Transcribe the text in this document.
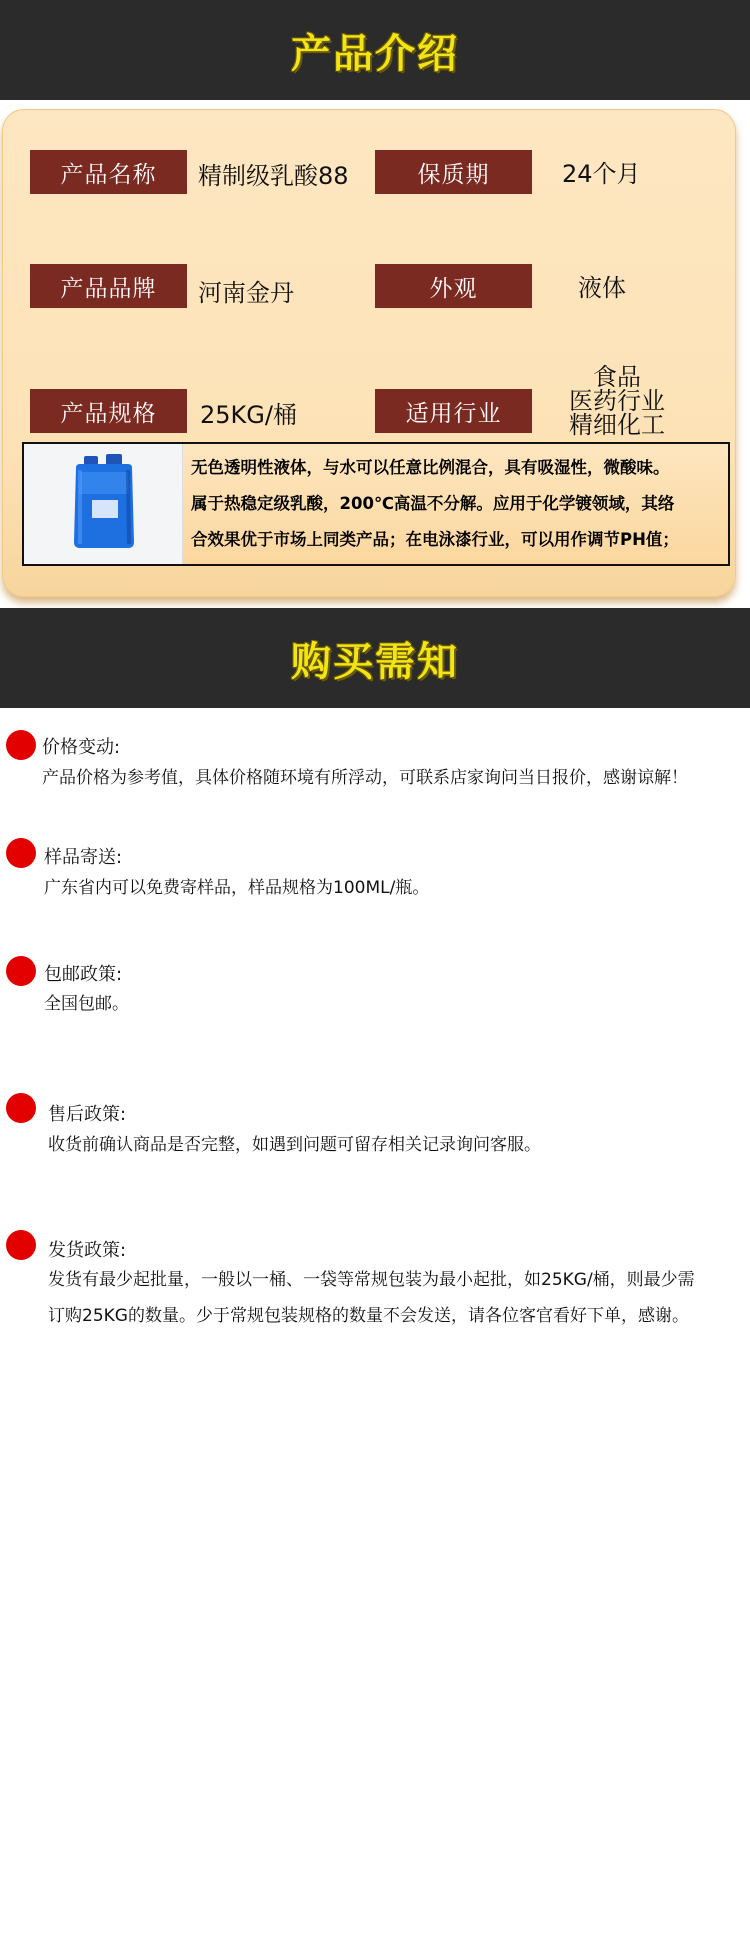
产品介绍
产品名称	精制级乳酸88	保质期	24个月
产品品牌	河南金丹	外观	液体
产品规格	25KG/桶	适用行业
食品
医药行业
精细化工
无色透明性液体，与水可以任意比例混合，具有吸湿性，微酸味。
属于热稳定级乳酸，200℃高温不分解。应用于化学镀领域，其络
合效果优于市场上同类产品；在电泳漆行业，可以用作调节PH值；
购买需知
价格变动:
产品价格为参考值，具体价格随环境有所浮动，可联系店家询问当日报价，感谢谅解！
样品寄送:
广东省内可以免费寄样品，样品规格为100ML/瓶。
包邮政策:
全国包邮。
售后政策:
收货前确认商品是否完整，如遇到问题可留存相关记录询问客服。
发货政策:
发货有最少起批量，一般以一桶、一袋等常规包装为最小起批，如25KG/桶，则最少需
订购25KG的数量。少于常规包装规格的数量不会发送，请各位客官看好下单，感谢。
